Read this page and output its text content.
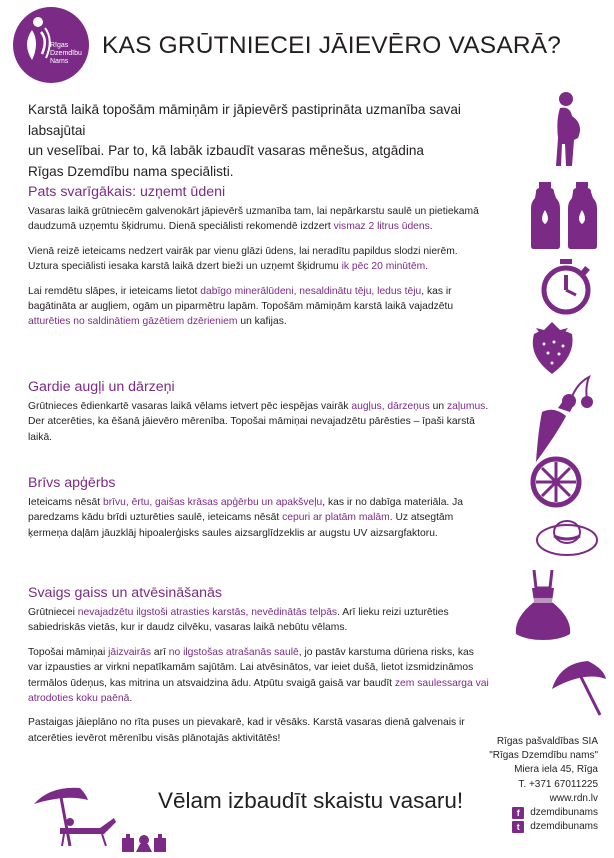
Rīgas
Dzemdību
Nams
KAS GRŪTNIECEI JĀIEVĒRO VASARĀ?
Karstā laikā topošām māmiņām ir jāpievērš pastiprināta uzmanība savai labsajūtai
un veselībai. Par to, kā labāk izbaudīt vasaras mēnešus, atgādina
Rīgas Dzemdību nama speciālisti.
Pats svarīgākais: uzņemt ūdeni

Vasaras laikā grūtniecēm galvenokārt jāpievērš uzmanība tam, lai nepārkarstu saulē un pietiekamā daudzumā uzņemtu šķidrumu. Dienā speciālisti rekomendē izdzert vismaz 2 litrus ūdens.

Vienā reizē ieteicams nedzert vairāk par vienu glāzi ūdens, lai neradītu papildus slodzi nierēm. Uztura speciālisti iesaka karstā laikā dzert bieži un uzņemt šķidrumu ik pēc 20 minūtēm.

Lai remdētu slāpes, ir ieteicams lietot dabīgo minerālūdeni, nesaldinātu tēju, ledus tēju, kas ir bagātināta ar augļiem, ogām un piparmētru lapām. Topošām māmiņām karstā laikā vajadzētu atturēties no saldinātiem gāzētiem dzērieniem un kafijas.

Gardie augļi un dārzeņi

Grūtnieces ēdienkartē vasaras laikā vēlams ietvert pēc iespējas vairāk augļus, dārzeņus un zaļumus. Der atcerēties, ka ēšanā jāievēro mērenība. Topošai māmiņai nevajadzētu pārēsties – īpaši karstā laikā.

Brīvs apģērbs

Ieteicams nēsāt brīvu, ērtu, gaišas krāsas apģērbu un apakšveļu, kas ir no dabīga materiāla. Ja paredzams kādu brīdi uzturēties saulē, ieteicams nēsāt cepuri ar platām malām. Uz atsegtām ķermeņa daļām jāuzklāj hipoalerģisks saules aizsarglīdzeklis ar augstu UV aizsargfaktoru.

Svaigs gaiss un atvēsināšanās

Grūtniecei nevajadzētu ilgstoši atrasties karstās, nevēdinātās telpās. Arī lieku reizi uzturēties sabiedriskās vietās, kur ir daudz cilvēku, vasaras laikā nebūtu vēlams.

Topošai māmiņai jāizvairās arī no ilgstošas atrašanās saulē, jo pastāv karstuma dūriena risks, kas var izpausties ar virkni nepatīkamām sajūtām. Lai atvēsinātos, var ieiet dušā, lietot izsmidzināmos termālos ūdeņus, kas mitrina un atsvaidzina ādu. Atpūtu svaigā gaisā var baudīt zem saulessarga vai atrodoties koku paēnā.

Pastaigas jāieplāno no rīta puses un pievakarē, kad ir vēsāks. Karstā vasaras dienā galvenais ir atcerēties ievērot mērenību visās plānotajās aktivitātēs!	Rīgas pašvaldības SIA
"Rīgas Dzemdību nams"
Miera iela 45, Rīga
T. +371 67011225
www.rdn.lv
f	dzemdibunams
t	dzemdibunams
Vēlam izbaudīt skaistu vasaru!
